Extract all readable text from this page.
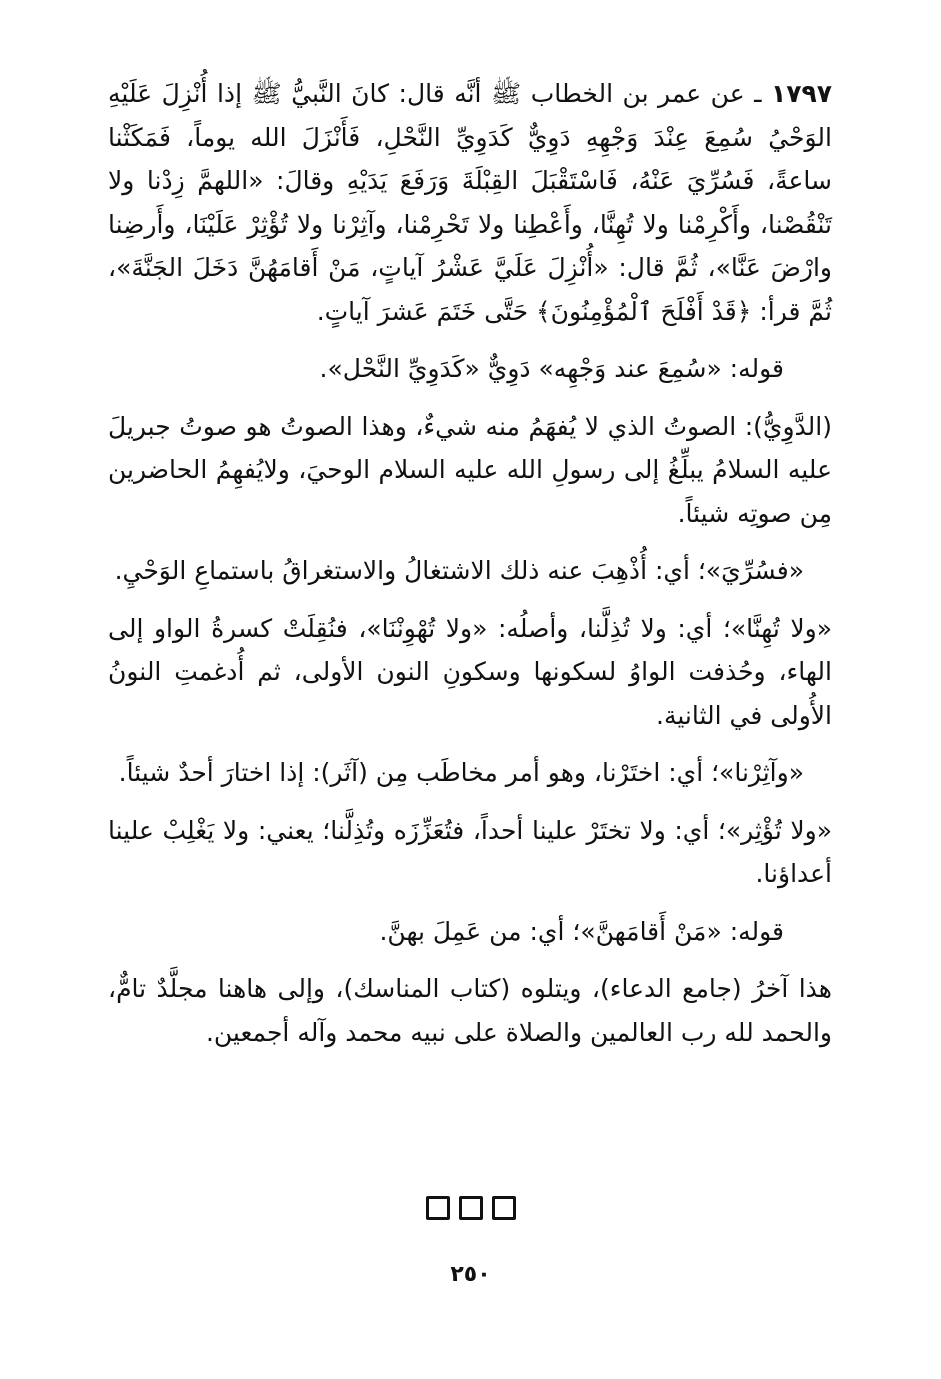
١٧٩٧ ـ عن عمر بن الخطاب ﷺ أنَّه قال: كانَ النَّبيُّ ﷺ إذا أُنْزِلَ عَلَيْهِ الوَحْيُ سُمِعَ عِنْدَ وَجْهِهِ دَوِيٌّ كَدَوِيِّ النَّحْلِ، فَأَنْزَلَ الله يوماً، فَمَكَثْنا ساعةً، فَسُرِّيَ عَنْهُ، فَاسْتَقْبَلَ القِبْلَةَ وَرَفَعَ يَدَيْهِ وقالَ: «اللهمَّ زِدْنا ولا تَنْقُصْنا، وأَكْرِمْنا ولا تُهِنَّا، وأَعْطِنا ولا تَحْرِمْنا، وآثِرْنا ولا تُؤْثِرْ عَلَيْنَا، وأَرضِنا وارْضَ عَنَّا»، ثُمَّ قال: «أُنْزِلَ عَلَيَّ عَشْرُ آياتٍ، مَنْ أَقامَهُنَّ دَخَلَ الجَنَّةَ»، ثُمَّ قرأ: ﴿قَدْ أَفْلَحَ ٱلْمُؤْمِنُونَ﴾ حَتَّى خَتَمَ عَشرَ آياتٍ.

قوله: «سُمِعَ عند وَجْهِه» دَوِيٌّ «كَدَوِيِّ النَّحْل».

(الدَّوِيُّ): الصوتُ الذي لا يُفهَمُ منه شيءٌ، وهذا الصوتُ هو صوتُ جبريلَ عليه السلامُ يبلِّغُ إلى رسولِ الله عليه السلام الوحيَ، ولايُفهِمُ الحاضرين مِن صوتِه شيئاً.

«فسُرِّيَ»؛ أي: أُذْهِبَ عنه ذلك الاشتغالُ والاستغراقُ باستماعِ الوَحْيِ.

«ولا تُهِنَّا»؛ أي: ولا تُذِلَّنا، وأصلُه: «ولا تُهْوِنْنَا»، فنُقِلَتْ كسرةُ الواو إلى الهاء، وحُذفت الواوُ لسكونها وسكونِ النون الأولى، ثم أُدغمتِ النونُ الأُولى في الثانية.

«وآثِرْنا»؛ أي: اختَرْنا، وهو أمر مخاطَب مِن (آثَر): إذا اختارَ أحدٌ شيئاً.

«ولا تُؤْثِر»؛ أي: ولا تختَرْ علينا أحداً، فتُعَزِّزَه وتُذِلَّنا؛ يعني: ولا يَغْلِبْ علينا أعداؤنا.

قوله: «مَنْ أَقامَهنَّ»؛ أي: من عَمِلَ بهنَّ.

هذا آخرُ (جامع الدعاء)، ويتلوه (كتاب المناسك)، وإلى هاهنا مجلَّدٌ تامٌّ، والحمد لله رب العالمين والصلاة على نبيه محمد وآله أجمعين.

٢٥٠
